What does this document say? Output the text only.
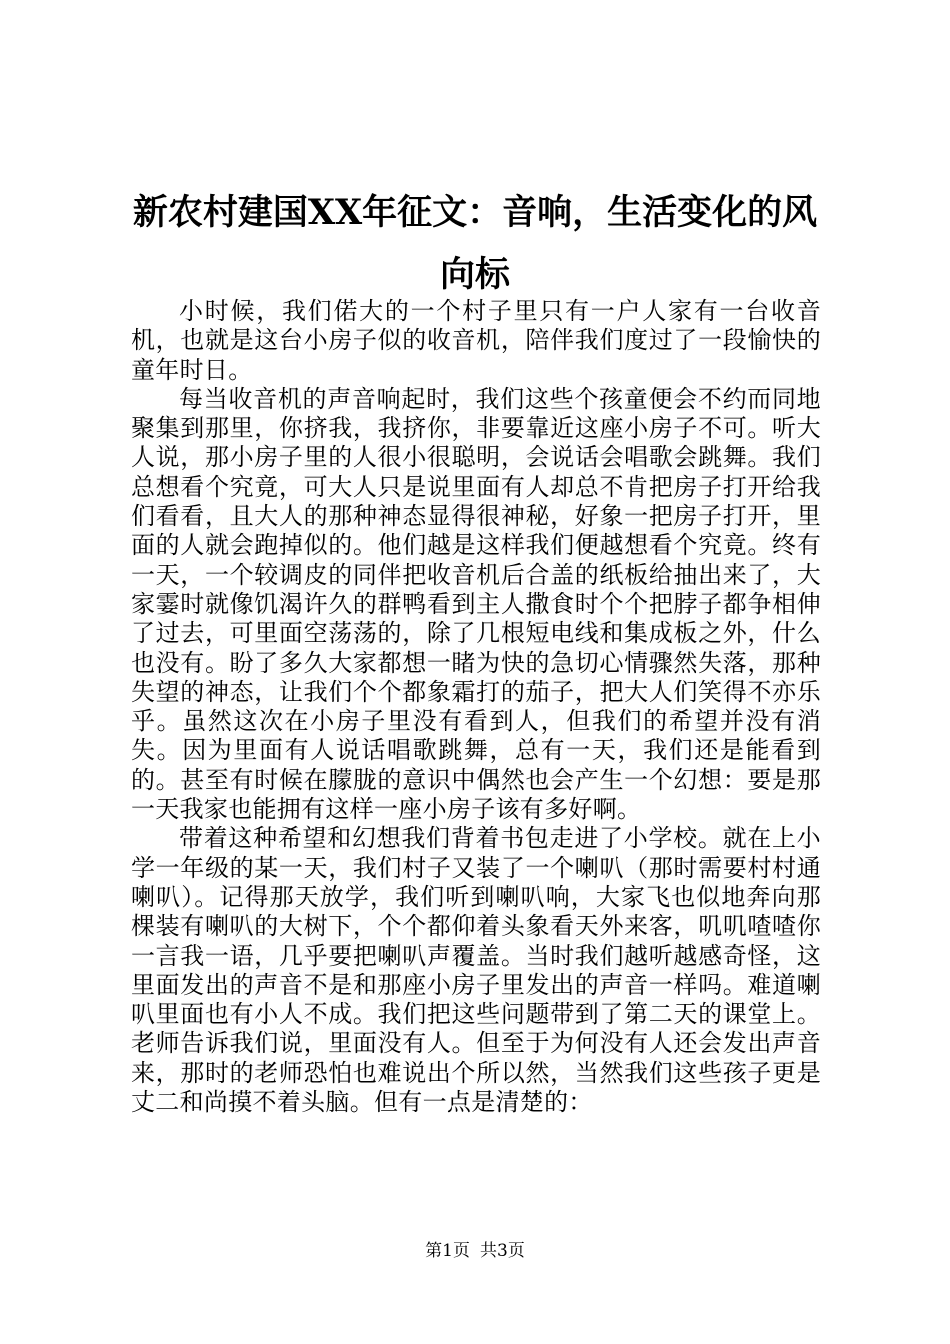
新农村建国XX年征文：音响，生活变化的风
向标

小时候，我们偌大的一个村子里只有一户人家有一台收音机，也就是这台小房子似的收音机，陪伴我们度过了一段愉快的童年时日。

每当收音机的声音响起时，我们这些个孩童便会不约而同地聚集到那里，你挤我，我挤你，非要靠近这座小房子不可。听大人说，那小房子里的人很小很聪明，会说话会唱歌会跳舞。我们总想看个究竟，可大人只是说里面有人却总不肯把房子打开给我们看看，且大人的那种神态显得很神秘，好象一把房子打开，里面的人就会跑掉似的。他们越是这样我们便越想看个究竟。终有一天，一个较调皮的同伴把收音机后合盖的纸板给抽出来了，大家霎时就像饥渴许久的群鸭看到主人撒食时个个把脖子都争相伸了过去，可里面空荡荡的，除了几根短电线和集成板之外，什么也没有。盼了多久大家都想一睹为快的急切心情骤然失落，那种失望的神态，让我们个个都象霜打的茄子，把大人们笑得不亦乐乎。虽然这次在小房子里没有看到人，但我们的希望并没有消失。因为里面有人说话唱歌跳舞，总有一天，我们还是能看到的。甚至有时候在朦胧的意识中偶然也会产生一个幻想：要是那一天我家也能拥有这样一座小房子该有多好啊。

带着这种希望和幻想我们背着书包走进了小学校。就在上小学一年级的某一天，我们村子又装了一个喇叭（那时需要村村通喇叭）。记得那天放学，我们听到喇叭响，大家飞也似地奔向那棵装有喇叭的大树下，个个都仰着头象看天外来客，叽叽喳喳你一言我一语，几乎要把喇叭声覆盖。当时我们越听越感奇怪，这里面发出的声音不是和那座小房子里发出的声音一样吗。难道喇叭里面也有小人不成。我们把这些问题带到了第二天的课堂上。老师告诉我们说，里面没有人。但至于为何没有人还会发出声音来，那时的老师恐怕也难说出个所以然，当然我们这些孩子更是丈二和尚摸不着头脑。但有一点是清楚的：

第1页 共3页
